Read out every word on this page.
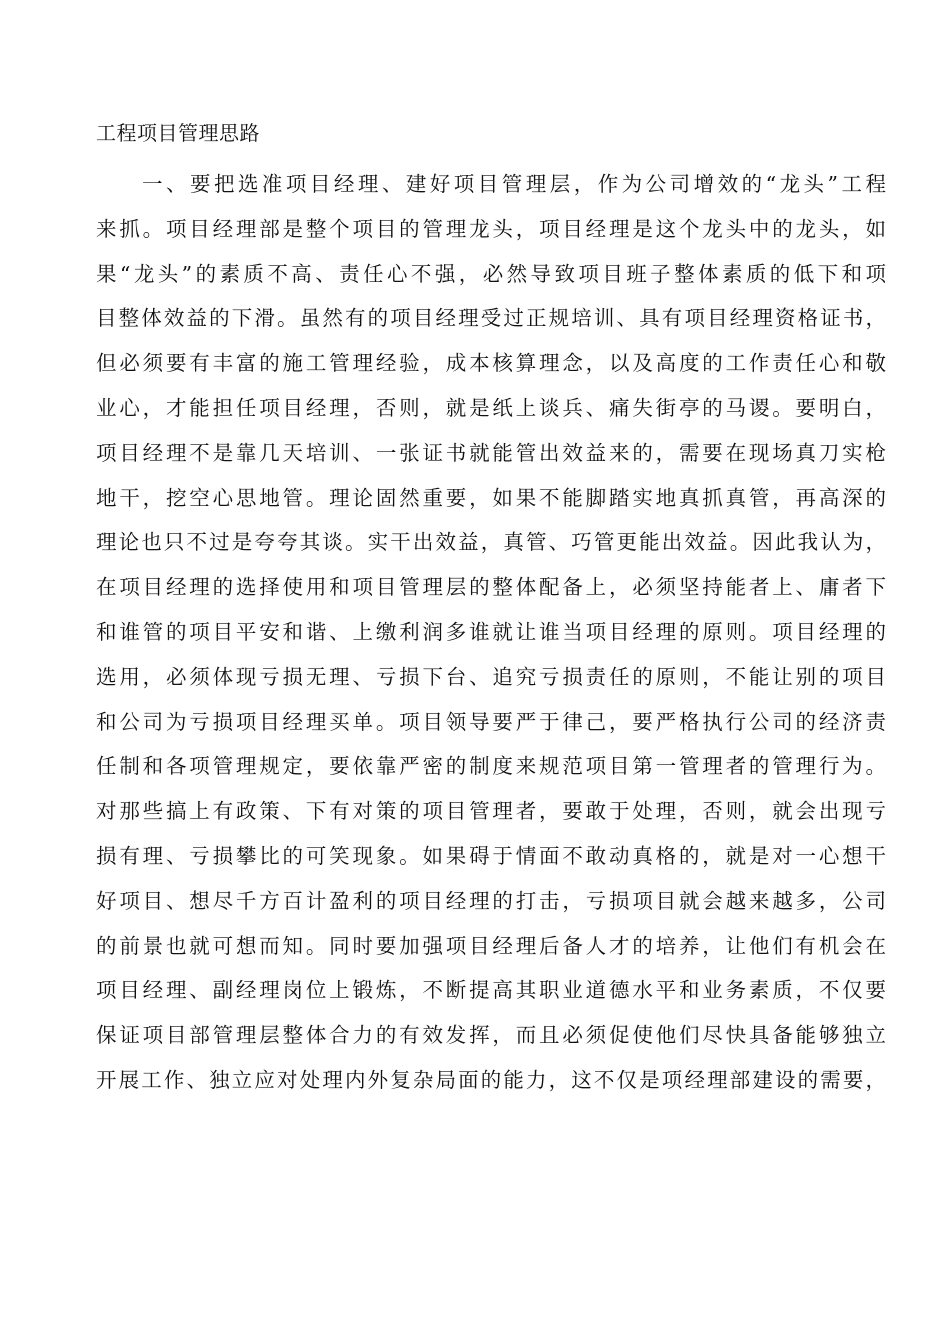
工程项目管理思路
一、要把选准项目经理、建好项目管理层，作为公司增效的“龙头”工程
来抓。项目经理部是整个项目的管理龙头，项目经理是这个龙头中的龙头，如
果“龙头”的素质不高、责任心不强，必然导致项目班子整体素质的低下和项
目整体效益的下滑。虽然有的项目经理受过正规培训、具有项目经理资格证书，
但必须要有丰富的施工管理经验，成本核算理念，以及高度的工作责任心和敬
业心，才能担任项目经理，否则，就是纸上谈兵、痛失街亭的马谡。要明白，
项目经理不是靠几天培训、一张证书就能管出效益来的，需要在现场真刀实枪
地干，挖空心思地管。理论固然重要，如果不能脚踏实地真抓真管，再高深的
理论也只不过是夸夸其谈。实干出效益，真管、巧管更能出效益。因此我认为，
在项目经理的选择使用和项目管理层的整体配备上，必须坚持能者上、庸者下
和谁管的项目平安和谐、上缴利润多谁就让谁当项目经理的原则。项目经理的
选用，必须体现亏损无理、亏损下台、追究亏损责任的原则，不能让别的项目
和公司为亏损项目经理买单。项目领导要严于律己，要严格执行公司的经济责
任制和各项管理规定，要依靠严密的制度来规范项目第一管理者的管理行为。
对那些搞上有政策、下有对策的项目管理者，要敢于处理，否则，就会出现亏
损有理、亏损攀比的可笑现象。如果碍于情面不敢动真格的，就是对一心想干
好项目、想尽千方百计盈利的项目经理的打击，亏损项目就会越来越多，公司
的前景也就可想而知。同时要加强项目经理后备人才的培养，让他们有机会在
项目经理、副经理岗位上锻炼，不断提高其职业道德水平和业务素质，不仅要
保证项目部管理层整体合力的有效发挥，而且必须促使他们尽快具备能够独立
开展工作、独立应对处理内外复杂局面的能力，这不仅是项经理部建设的需要，
